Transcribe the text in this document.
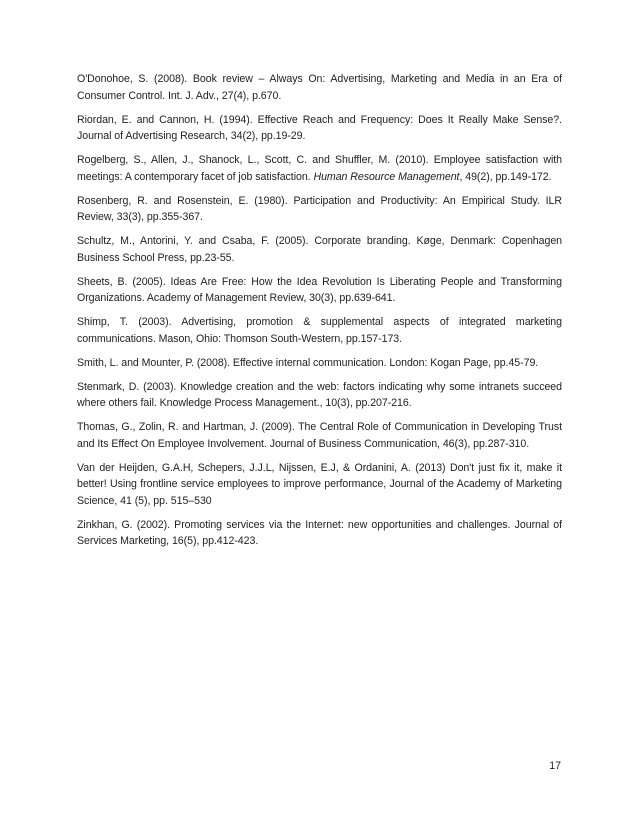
O'Donohoe, S. (2008). Book review – Always On: Advertising, Marketing and Media in an Era of Consumer Control. Int. J. Adv., 27(4), p.670.

Riordan, E. and Cannon, H. (1994). Effective Reach and Frequency: Does It Really Make Sense?. Journal of Advertising Research, 34(2), pp.19-29.

Rogelberg, S., Allen, J., Shanock, L., Scott, C. and Shuffler, M. (2010). Employee satisfaction with meetings: A contemporary facet of job satisfaction. Human Resource Management, 49(2), pp.149-172.

Rosenberg, R. and Rosenstein, E. (1980). Participation and Productivity: An Empirical Study. ILR Review, 33(3), pp.355-367.

Schultz, M., Antorini, Y. and Csaba, F. (2005). Corporate branding. Køge, Denmark: Copenhagen Business School Press, pp.23-55.

Sheets, B. (2005). Ideas Are Free: How the Idea Revolution Is Liberating People and Transforming Organizations. Academy of Management Review, 30(3), pp.639-641.

Shimp, T. (2003). Advertising, promotion & supplemental aspects of integrated marketing communications. Mason, Ohio: Thomson South-Western, pp.157-173.

Smith, L. and Mounter, P. (2008). Effective internal communication. London: Kogan Page, pp.45-79.

Stenmark, D. (2003). Knowledge creation and the web: factors indicating why some intranets succeed where others fail. Knowledge Process Management., 10(3), pp.207-216.

Thomas, G., Zolin, R. and Hartman, J. (2009). The Central Role of Communication in Developing Trust and Its Effect On Employee Involvement. Journal of Business Communication, 46(3), pp.287-310.

Van der Heijden, G.A.H, Schepers, J.J.L, Nijssen, E.J, & Ordanini, A. (2013) Don't just fix it, make it better! Using frontline service employees to improve performance, Journal of the Academy of Marketing Science, 41 (5), pp. 515–530

Zinkhan, G. (2002). Promoting services via the Internet: new opportunities and challenges. Journal of Services Marketing, 16(5), pp.412-423.

17
